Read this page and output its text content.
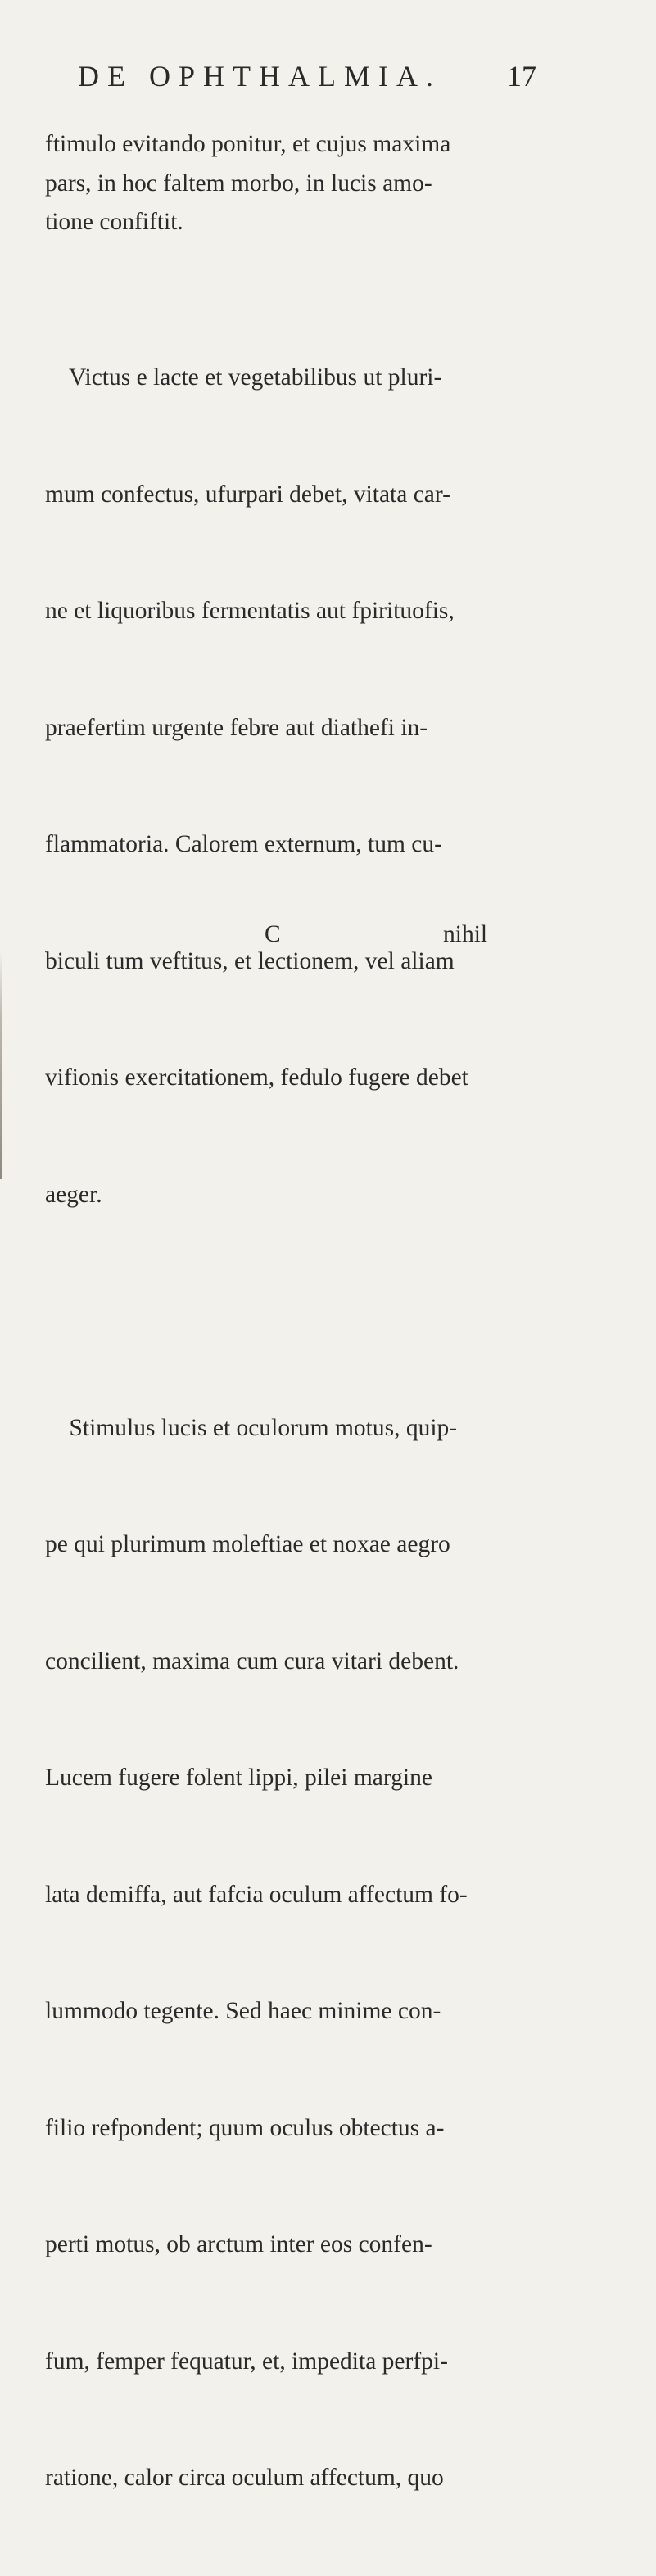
DE OPHTHALMIA. 17
ftimulo evitando ponitur, et cujus maxima
pars, in hoc faltem morbo, in lucis amo-
tione confiftit.

Victus e lacte et vegetabilibus ut pluri-

mum confectus, ufurpari debet, vitata car-

ne et liquoribus fermentatis aut fpirituofis,

praefertim urgente febre aut diathefi in-

flammatoria. Calorem externum, tum cu-

biculi tum veftitus, et lectionem, vel aliam

vifionis exercitationem, fedulo fugere debet

aeger.

Stimulus lucis et oculorum motus, quip-

pe qui plurimum moleftiae et noxae aegro

concilient, maxima cum cura vitari debent.

Lucem fugere folent lippi, pilei margine

lata demiffa, aut fafcia oculum affectum fo-

lummodo tegente. Sed haec minime con-

filio refpondent; quum oculus obtectus a-

perti motus, ob arctum inter eos confen-

fum, femper fequatur, et, impedita perfpi-

ratione, calor circa oculum affectum, quo

C	nihil
